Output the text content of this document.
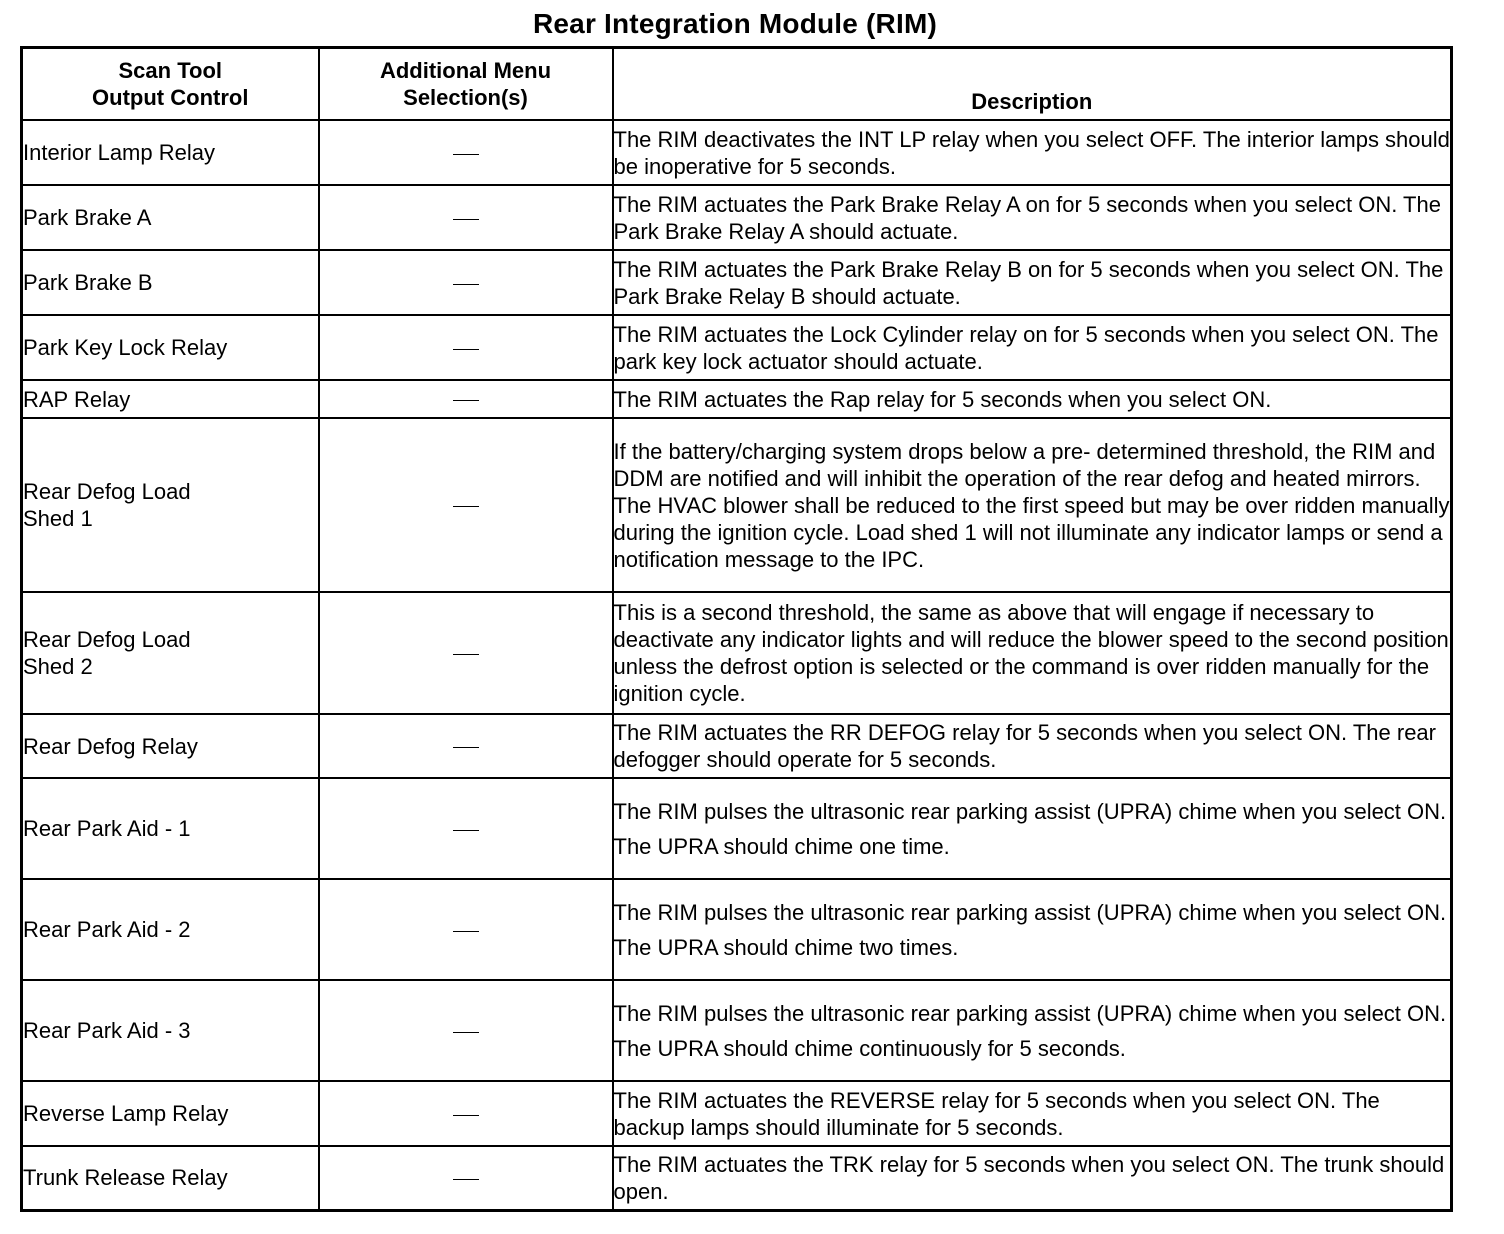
Rear Integration Module (RIM)
Scan Tool
Output Control	Additional Menu
Selection(s)	Description
Interior Lamp Relay		The RIM deactivates the INT LP relay when you select OFF. The interior lamps should be inoperative for 5 seconds.

Park Brake A		The RIM actuates the Park Brake Relay A on for 5 seconds when you select ON. The Park Brake Relay A should actuate.

Park Brake B		The RIM actuates the Park Brake Relay B on for 5 seconds when you select ON. The Park Brake Relay B should actuate.

Park Key Lock Relay		The RIM actuates the Lock Cylinder relay on for 5 seconds when you select ON. The park key lock actuator should actuate.

RAP Relay		The RIM actuates the Rap relay for 5 seconds when you select ON.

Rear Defog Load
Shed 1		If the battery/charging system drops below a pre- determined threshold, the RIM and DDM are notified and will inhibit the operation of the rear defog and heated mirrors. The HVAC blower shall be reduced to the first speed but may be over ridden manually during the ignition cycle. Load shed 1 will not illuminate any indicator lamps or send a notification message to the IPC.

Rear Defog Load
Shed 2		This is a second threshold, the same as above that will engage if necessary to deactivate any indicator lights and will reduce the blower speed to the second position unless the defrost option is selected or the command is over ridden manually for the ignition cycle.

Rear Defog Relay		The RIM actuates the RR DEFOG relay for 5 seconds when you select ON. The rear defogger should operate for 5 seconds.

Rear Park Aid - 1		The RIM pulses the ultrasonic rear parking assist (UPRA) chime when you select ON.
The UPRA should chime one time.

Rear Park Aid - 2		The RIM pulses the ultrasonic rear parking assist (UPRA) chime when you select ON.
The UPRA should chime two times.

Rear Park Aid - 3		The RIM pulses the ultrasonic rear parking assist (UPRA) chime when you select ON.
The UPRA should chime continuously for 5 seconds.

Reverse Lamp Relay		The RIM actuates the REVERSE relay for 5 seconds when you select ON. The backup lamps should illuminate for 5 seconds.

Trunk Release Relay		The RIM actuates the TRK relay for 5 seconds when you select ON. The trunk should open.
